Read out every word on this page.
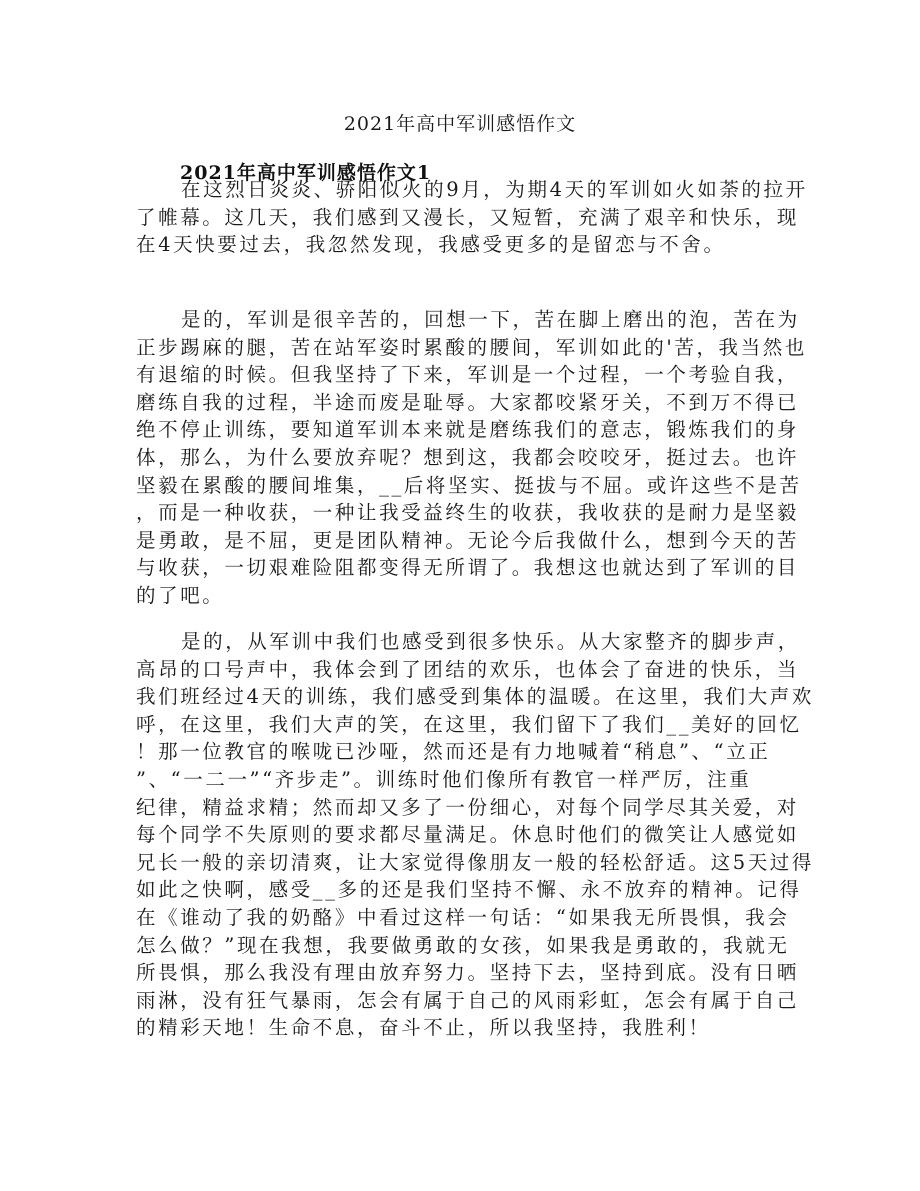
2021年高中军训感悟作文
2021年高中军训感悟作文1
在这烈日炎炎、骄阳似火的9月，为期4天的军训如火如荼的拉开
了帷幕。这几天，我们感到又漫长，又短暂，充满了艰辛和快乐，现
在4天快要过去，我忽然发现，我感受更多的是留恋与不舍。
是的，军训是很辛苦的，回想一下，苦在脚上磨出的泡，苦在为
正步踢麻的腿，苦在站军姿时累酸的腰间，军训如此的'苦，我当然也
有退缩的时候。但我坚持了下来，军训是一个过程，一个考验自我，
磨练自我的过程，半途而废是耻辱。大家都咬紧牙关，不到万不得已
绝不停止训练，要知道军训本来就是磨练我们的意志，锻炼我们的身
体，那么，为什么要放弃呢？想到这，我都会咬咬牙，挺过去。也许
坚毅在累酸的腰间堆集，__后将坚实、挺拔与不屈。或许这些不是苦
，而是一种收获，一种让我受益终生的收获，我收获的是耐力是坚毅
是勇敢，是不屈，更是团队精神。无论今后我做什么，想到今天的苦
与收获，一切艰难险阻都变得无所谓了。我想这也就达到了军训的目
的了吧。
是的，从军训中我们也感受到很多快乐。从大家整齐的脚步声，
高昂的口号声中，我体会到了团结的欢乐，也体会了奋进的快乐，当
我们班经过4天的训练，我们感受到集体的温暖。在这里，我们大声欢
呼，在这里，我们大声的笑，在这里，我们留下了我们__美好的回忆
！那一位教官的喉咙已沙哑，然而还是有力地喊着“稍息”、“立正
”、“一二一”“齐步走”。训练时他们像所有教官一样严厉，注重
纪律，精益求精；然而却又多了一份细心，对每个同学尽其关爱，对
每个同学不失原则的要求都尽量满足。休息时他们的微笑让人感觉如
兄长一般的亲切清爽，让大家觉得像朋友一般的轻松舒适。这5天过得
如此之快啊，感受__多的还是我们坚持不懈、永不放弃的精神。记得
在《谁动了我的奶酪》中看过这样一句话：“如果我无所畏惧，我会
怎么做？”现在我想，我要做勇敢的女孩，如果我是勇敢的，我就无
所畏惧，那么我没有理由放弃努力。坚持下去，坚持到底。没有日晒
雨淋，没有狂气暴雨，怎会有属于自己的风雨彩虹，怎会有属于自己
的精彩天地！生命不息，奋斗不止，所以我坚持，我胜利！
